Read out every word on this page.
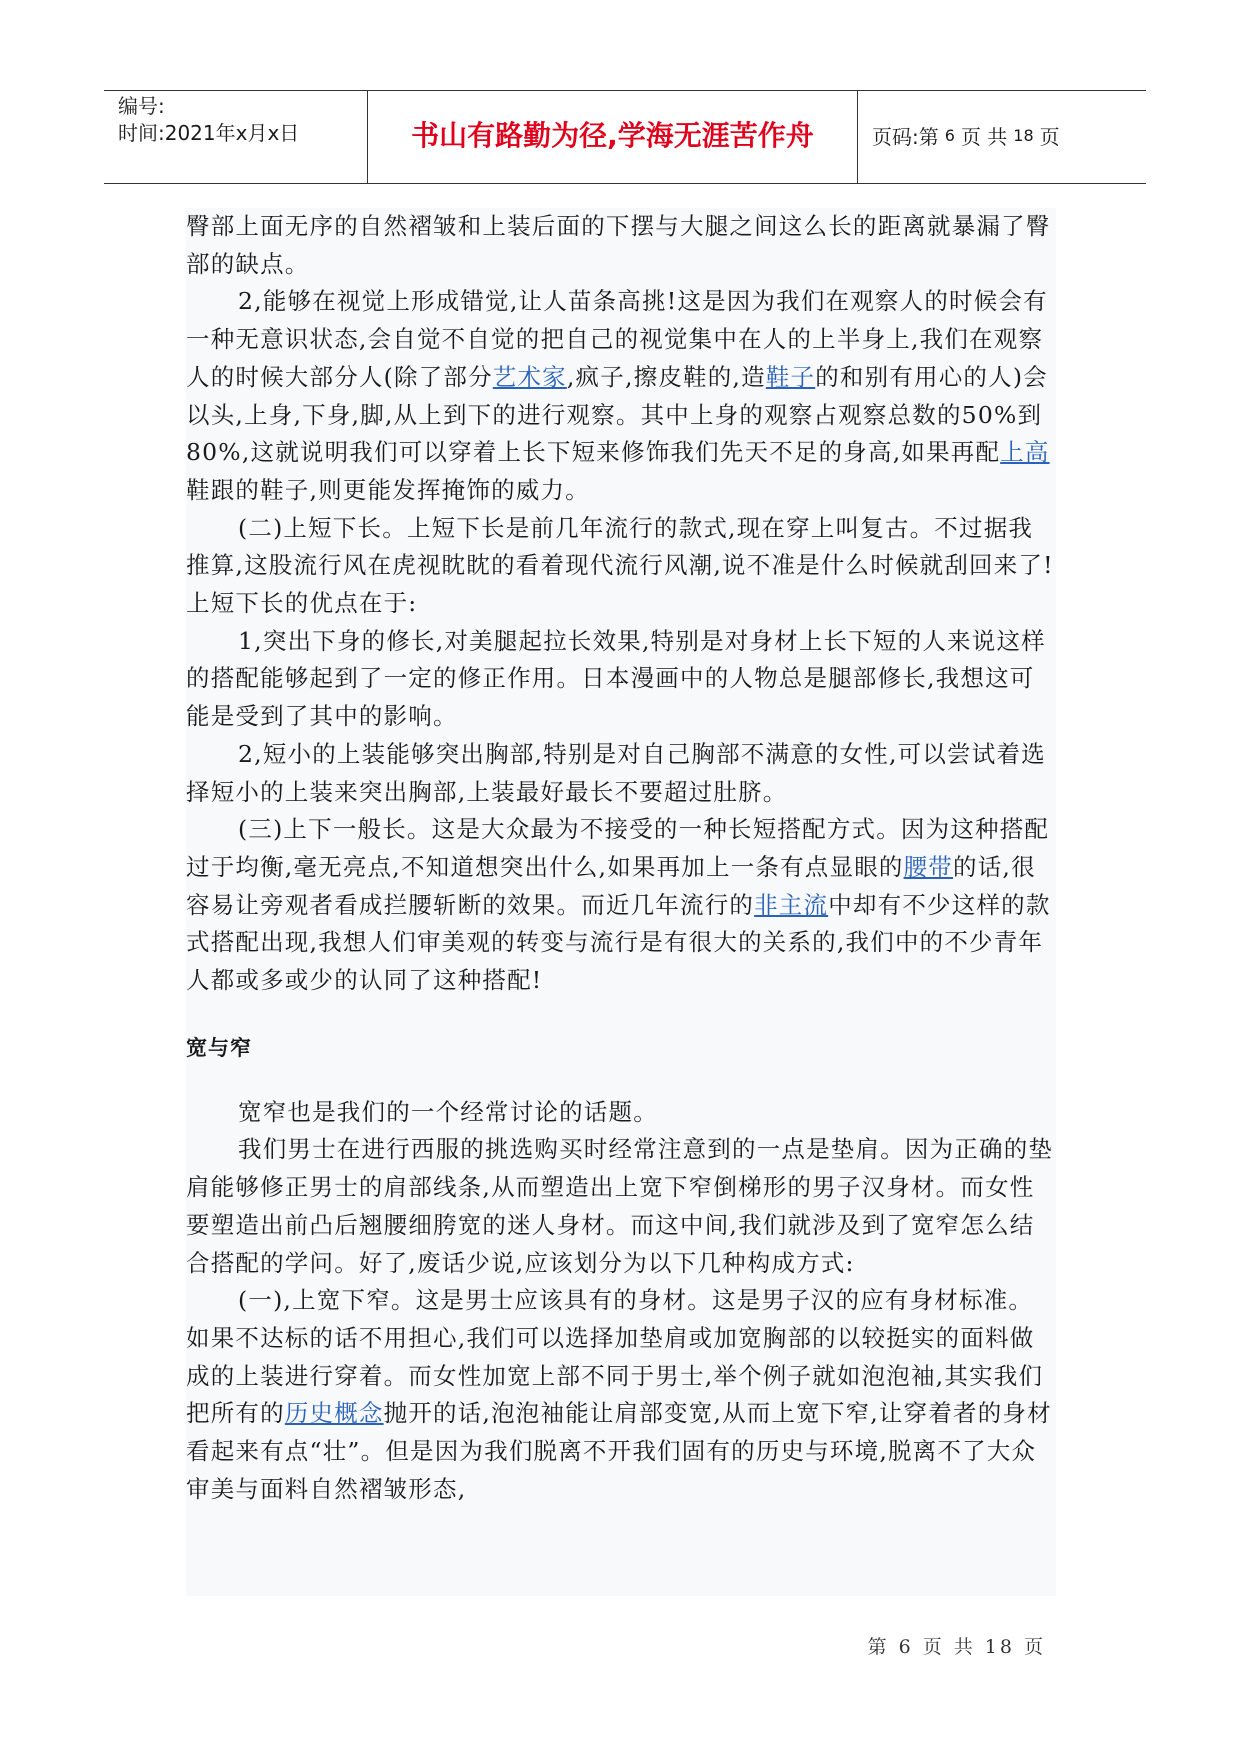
编号:
时间:2021年x月x日	书山有路勤为径,学海无涯苦作舟	页码:第 6 页 共 18 页

臀部上面无序的自然褶皱和上装后面的下摆与大腿之间这么长的距离就暴漏了臀部的缺点。

2,能够在视觉上形成错觉,让人苗条高挑!这是因为我们在观察人的时候会有一种无意识状态,会自觉不自觉的把自己的视觉集中在人的上半身上,我们在观察人的时候大部分人(除了部分艺术家,疯子,擦皮鞋的,造鞋子的和别有用心的人)会以头,上身,下身,脚,从上到下的进行观察。其中上身的观察占观察总数的50%到80%,这就说明我们可以穿着上长下短来修饰我们先天不足的身高,如果再配上高鞋跟的鞋子,则更能发挥掩饰的威力。

(二)上短下长。上短下长是前几年流行的款式,现在穿上叫复古。不过据我推算,这股流行风在虎视眈眈的看着现代流行风潮,说不准是什么时候就刮回来了!上短下长的优点在于:

1,突出下身的修长,对美腿起拉长效果,特别是对身材上长下短的人来说这样的搭配能够起到了一定的修正作用。日本漫画中的人物总是腿部修长,我想这可能是受到了其中的影响。

2,短小的上装能够突出胸部,特别是对自己胸部不满意的女性,可以尝试着选择短小的上装来突出胸部,上装最好最长不要超过肚脐。

(三)上下一般长。这是大众最为不接受的一种长短搭配方式。因为这种搭配过于均衡,毫无亮点,不知道想突出什么,如果再加上一条有点显眼的腰带的话,很容易让旁观者看成拦腰斩断的效果。而近几年流行的非主流中却有不少这样的款式搭配出现,我想人们审美观的转变与流行是有很大的关系的,我们中的不少青年人都或多或少的认同了这种搭配!

宽与窄

宽窄也是我们的一个经常讨论的话题。

我们男士在进行西服的挑选购买时经常注意到的一点是垫肩。因为正确的垫肩能够修正男士的肩部线条,从而塑造出上宽下窄倒梯形的男子汉身材。而女性要塑造出前凸后翘腰细胯宽的迷人身材。而这中间,我们就涉及到了宽窄怎么结合搭配的学问。好了,废话少说,应该划分为以下几种构成方式:

(一),上宽下窄。这是男士应该具有的身材。这是男子汉的应有身材标准。如果不达标的话不用担心,我们可以选择加垫肩或加宽胸部的以较挺实的面料做成的上装进行穿着。而女性加宽上部不同于男士,举个例子就如泡泡袖,其实我们把所有的历史概念抛开的话,泡泡袖能让肩部变宽,从而上宽下窄,让穿着者的身材看起来有点“壮”。但是因为我们脱离不开我们固有的历史与环境,脱离不了大众审美与面料自然褶皱形态,

第 6 页 共 18 页
